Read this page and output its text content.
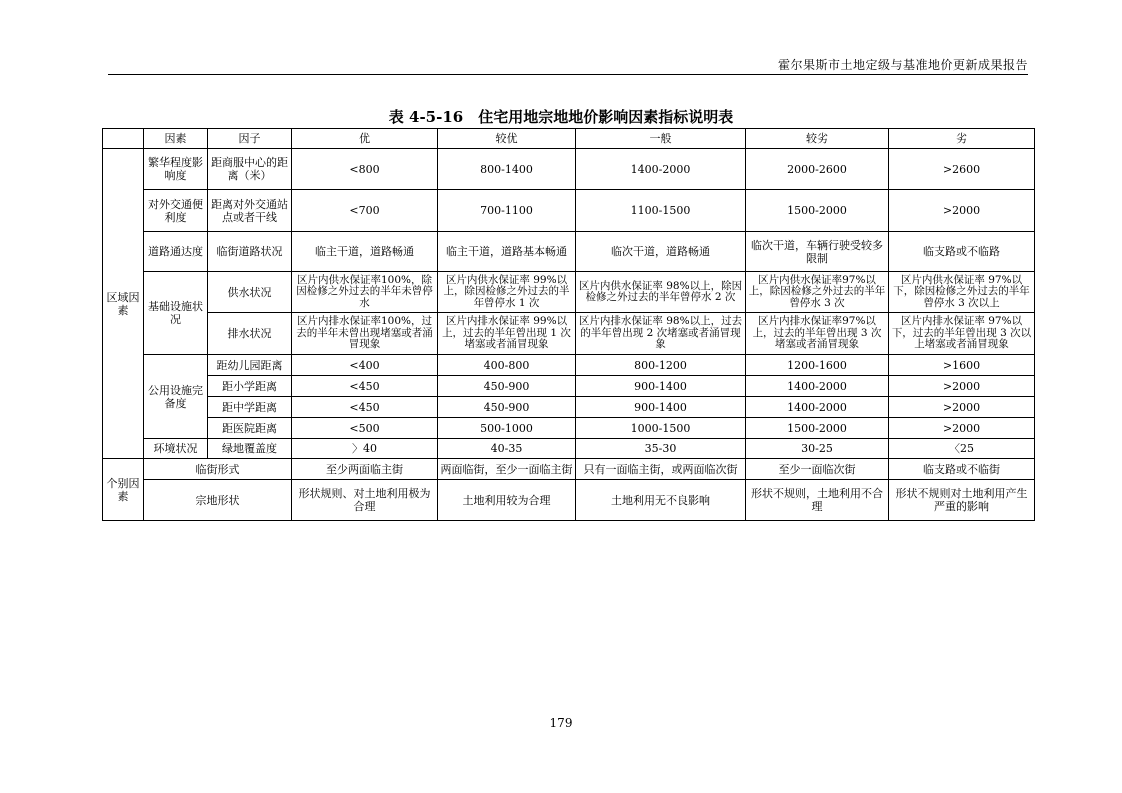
霍尔果斯市土地定级与基准地价更新成果报告
表 4-5-16　住宅用地宗地地价影响因素指标说明表
	因素	因子	优	较优	一般	较劣	劣
区域因素	繁华程度影响度	距商服中心的距离（米）	<800	800-1400	1400-2000	2000-2600	>2600
	对外交通便利度	距离对外交通站点或者干线	<700	700-1100	1100-1500	1500-2000	>2000
	道路通达度	临街道路状况	临主干道，道路畅通	临主干道，道路基本畅通	临次干道，道路畅通	临次干道，车辆行驶受较多限制	临支路或不临路
	基础设施状况	供水状况	区片内供水保证率100%，除因检修之外过去的半年未曾停水	区片内供水保证率 99%以上，除因检修之外过去的半年曾停水 1 次	区片内供水保证率 98%以上，除因检修之外过去的半年曾停水 2 次	区片内供水保证率97%以上，除因检修之外过去的半年曾停水 3 次	区片内供水保证率 97%以下，除因检修之外过去的半年曾停水 3 次以上
		排水状况	区片内排水保证率100%，过去的半年未曾出现堵塞或者涌冒现象	区片内排水保证率 99%以上，过去的半年曾出现 1 次堵塞或者涌冒现象	区片内排水保证率 98%以上，过去的半年曾出现 2 次堵塞或者涌冒现象	区片内排水保证率97%以上，过去的半年曾出现 3 次堵塞或者涌冒现象	区片内排水保证率 97%以下，过去的半年曾出现 3 次以上堵塞或者涌冒现象
	公用设施完备度	距幼儿园距离	<400	400-800	800-1200	1200-1600	>1600
		距小学距离	<450	450-900	900-1400	1400-2000	>2000
		距中学距离	<450	450-900	900-1400	1400-2000	>2000
		距医院距离	<500	500-1000	1000-1500	1500-2000	>2000
	环境状况	绿地覆盖度	〉40	40-35	35-30	30-25	〈25
个别因素	临街形式		至少两面临主街	两面临街，至少一面临主街	只有一面临主街，或两面临次街	至少一面临次街	临支路或不临街
	宗地形状		形状规则、对土地利用极为合理	土地利用较为合理	土地利用无不良影响	形状不规则，土地利用不合理	形状不规则对土地利用产生严重的影响
179
